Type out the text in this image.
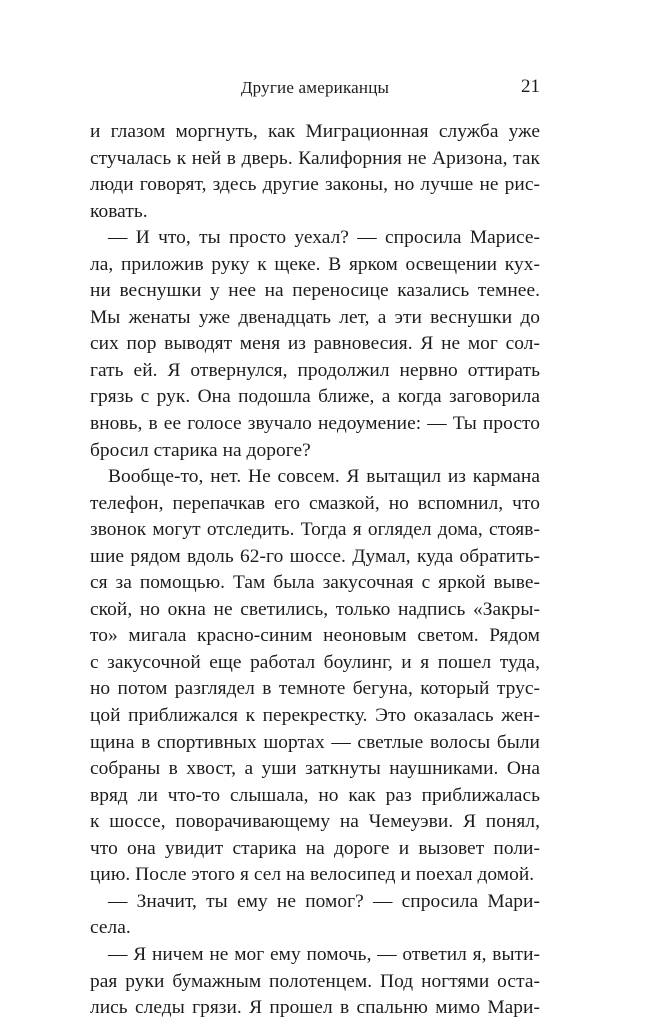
Другие американцы	21
и глазом моргнуть, как Миграционная служба уже
стучалась к ней в дверь. Калифорния не Аризона, так
люди говорят, здесь другие законы, но лучше не рис-
ковать.
— И что, ты просто уехал? — спросила Марисе-
ла, приложив руку к щеке. В ярком освещении кух-
ни веснушки у нее на переносице казались темнее.
Мы женаты уже двенадцать лет, а эти веснушки до
сих пор выводят меня из равновесия. Я не мог сол-
гать ей. Я отвернулся, продолжил нервно оттирать
грязь с рук. Она подошла ближе, а когда заговорила
вновь, в ее голосе звучало недоумение: — Ты просто
бросил старика на дороге?
Вообще-то, нет. Не совсем. Я вытащил из кармана
телефон, перепачкав его смазкой, но вспомнил, что
звонок могут отследить. Тогда я оглядел дома, стояв-
шие рядом вдоль 62-го шоссе. Думал, куда обратить-
ся за помощью. Там была закусочная с яркой выве-
ской, но окна не светились, только надпись «Закры-
то» мигала красно-синим неоновым светом. Рядом
с закусочной еще работал боулинг, и я пошел туда,
но потом разглядел в темноте бегуна, который трус-
цой приближался к перекрестку. Это оказалась жен-
щина в спортивных шортах — светлые волосы были
собраны в хвост, а уши заткнуты наушниками. Она
вряд ли что-то слышала, но как раз приближалась
к шоссе, поворачивающему на Чемеуэви. Я понял,
что она увидит старика на дороге и вызовет поли-
цию. После этого я сел на велосипед и поехал домой.
— Значит, ты ему не помог? — спросила Мари-
села.
— Я ничем не мог ему помочь, — ответил я, выти-
рая руки бумажным полотенцем. Под ногтями оста-
лись следы грязи. Я прошел в спальню мимо Мари-
